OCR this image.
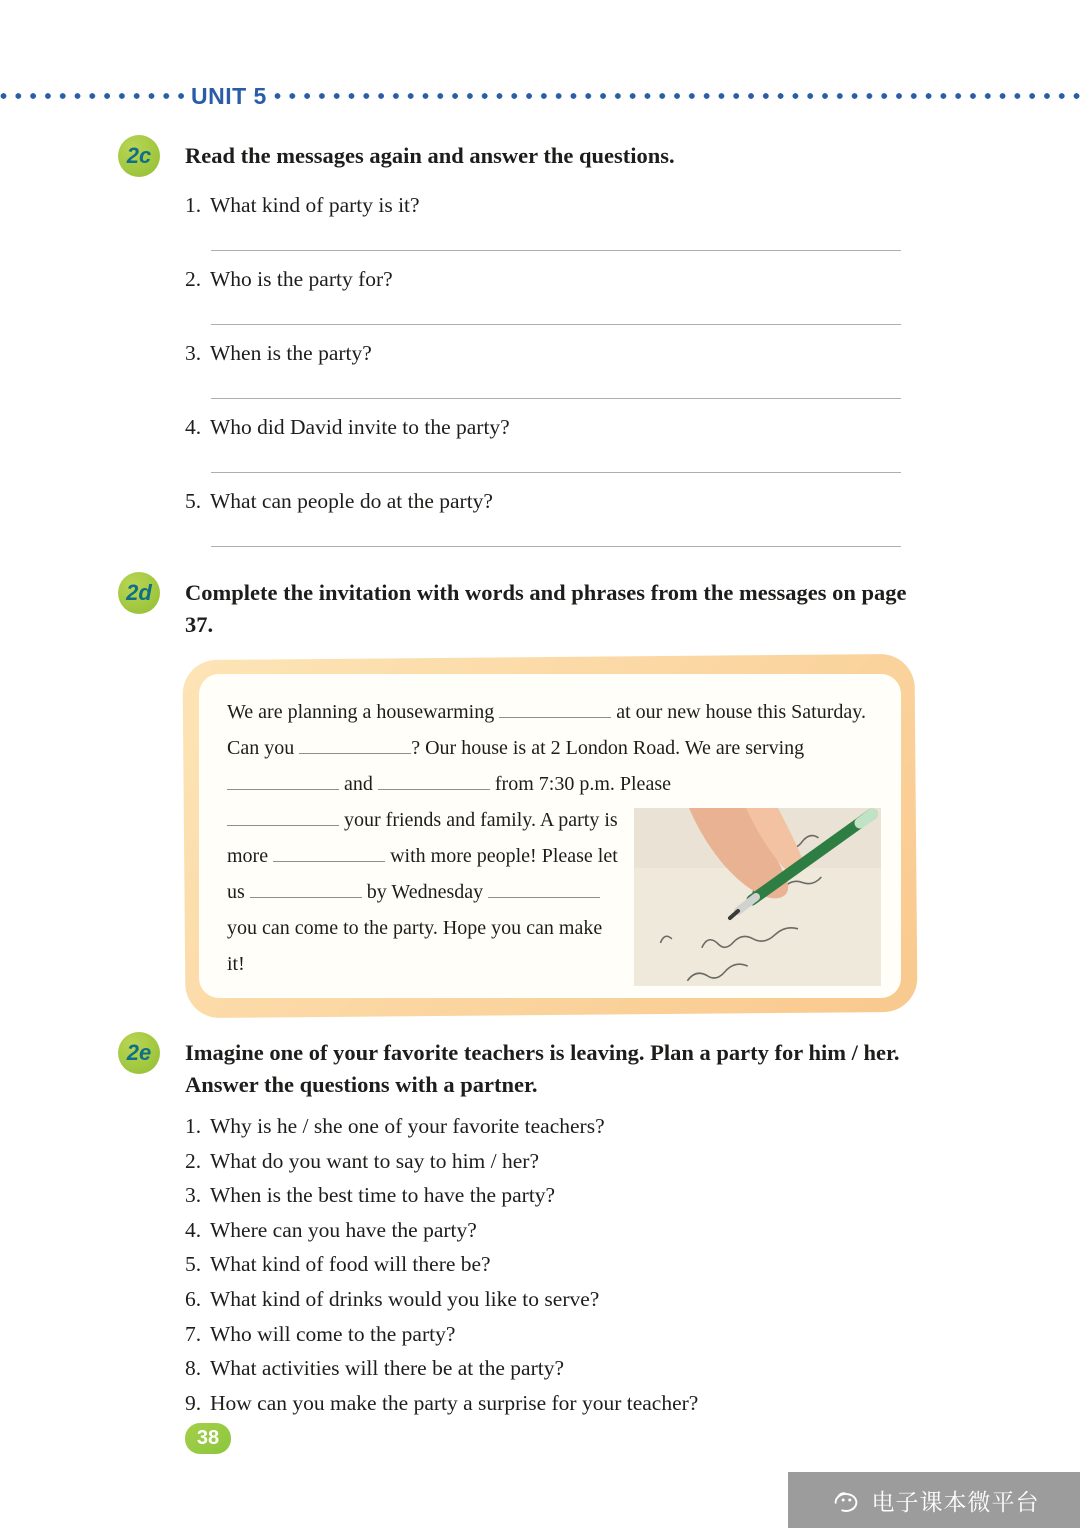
UNIT 5
2c	Read the messages again and answer the questions.
1. What kind of party is it?
2. Who is the party for?
3. When is the party?
4. Who did David invite to the party?
5. What can people do at the party?
2d	Complete the invitation with words and phrases from the messages on page 37.

We are planning a housewarming	at our new house this Saturday. Can you	? Our house is at 2 London Road. We are serving  and	from 7:30 p.m. Please

your friends and family. A party is more	with more people! Please let us	by Wednesday  you can come to the party. Hope you can make it!

2e	Imagine one of your favorite teachers is leaving. Plan a party for him / her. Answer the questions with a partner.
1. Why is he / she one of your favorite teachers?
2. What do you want to say to him / her?
3. When is the best time to have the party?
4. Where can you have the party?
5. What kind of food will there be?
6. What kind of drinks would you like to serve?
7. Who will come to the party?
8. What activities will there be at the party?
9. How can you make the party a surprise for your teacher?
38
电子课本微平台
